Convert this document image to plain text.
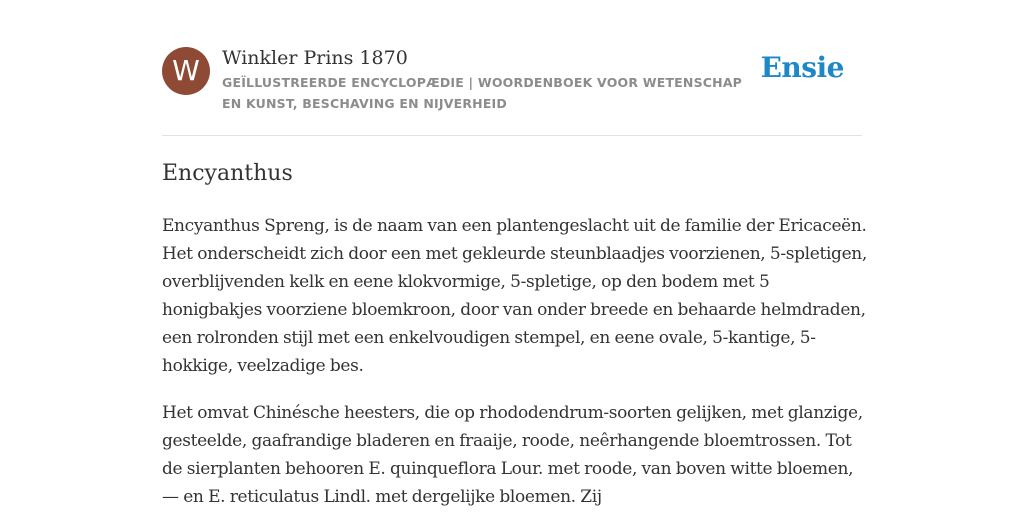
W	Winkler Prins 1870
GEÏLLUSTREERDE ENCYCLOPÆDIE | WOORDENBOEK VOOR WETENSCHAP EN KUNST, BESCHAVING EN NIJVERHEID
Ensie
Encyanthus

Encyanthus Spreng, is de naam van een plantengeslacht uit de familie der Ericaceën. Het onderscheidt zich door een met gekleurde steunblaadjes voorzienen, 5-spletigen, overblijvenden kelk en eene klokvormige, 5-spletige, op den bodem met 5 honigbakjes voorziene bloemkroon, door van onder breede en behaarde helmdraden, een rolronden stijl met een enkelvoudigen stempel, en eene ovale, 5-kantige, 5-hokkige, veelzadige bes.

Het omvat Chinésche heesters, die op rhododendrum-soorten gelijken, met glanzige, gesteelde, gaafrandige bladeren en fraaije, roode, neêrhangende bloemtrossen. Tot de sierplanten behooren E. quinqueflora Lour. met roode, van boven witte bloemen, — en E. reticulatus Lindl. met dergelijke bloemen. Zij
